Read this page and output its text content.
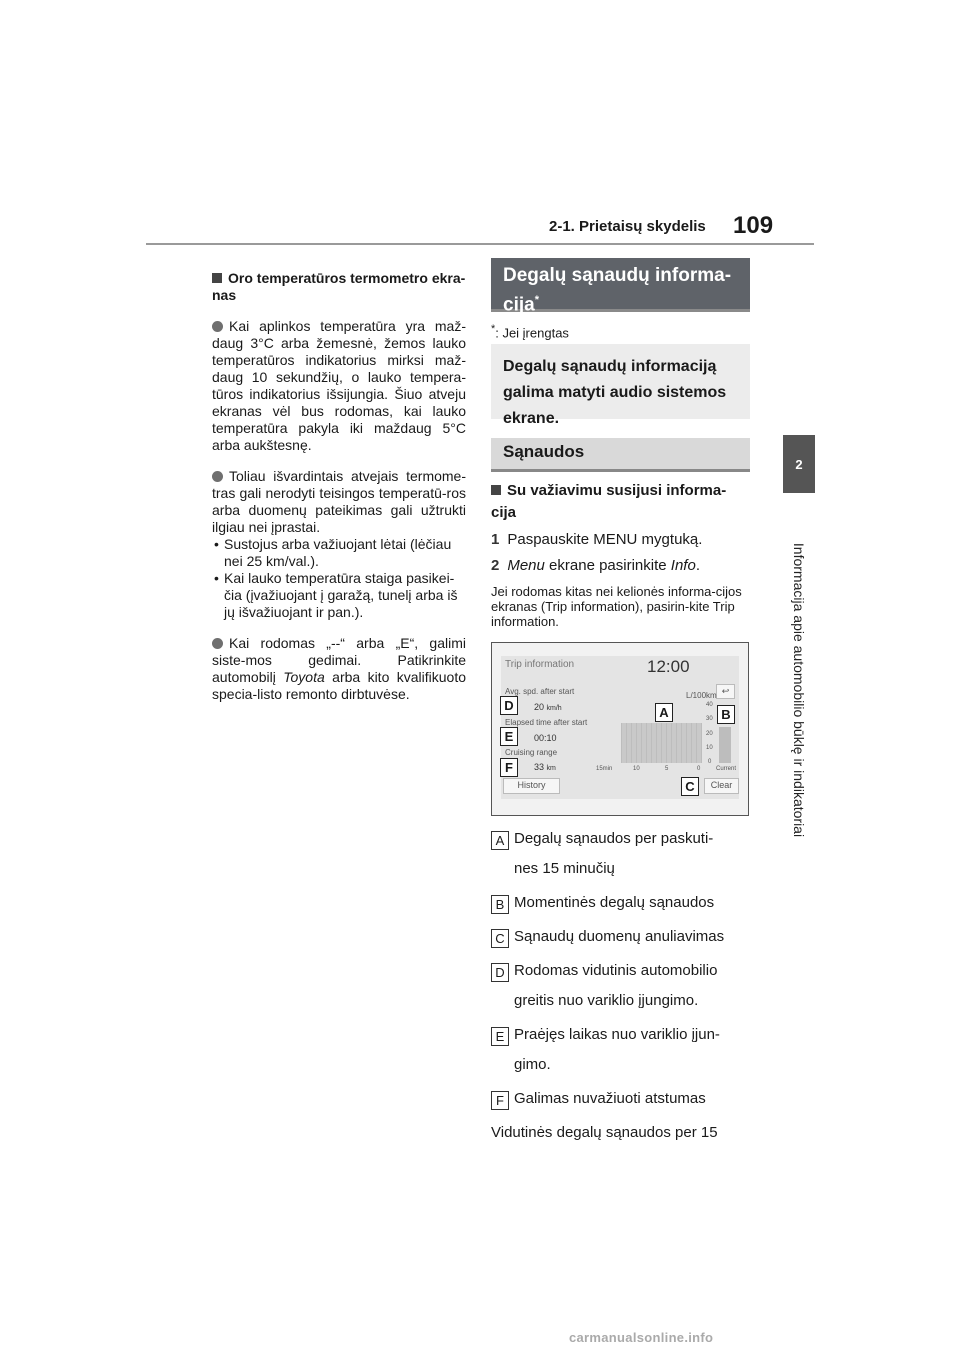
2-1. Prietaisų skydelis 109
2
Informacija apie automobilio būklę ir indikatoriai
Oro temperatūros termometro ekra-nas
Kai aplinkos temperatūra yra maž-daug 3°C arba žemesnė, žemos lauko temperatūros indikatorius mirksi maž-daug 10 sekundžių, o lauko tempera-tūros indikatorius išsijungia. Šiuo atveju ekranas vėl bus rodomas, kai lauko temperatūra pakyla iki maždaug 5°C arba aukštesnę.
Toliau išvardintais atvejais termome-tras gali nerodyti teisingos temperatū-ros arba duomenų pateikimas gali užtrukti ilgiau nei įprastai.
• Sustojus arba važiuojant lėtai (lėčiau nei 25 km/val.).
• Kai lauko temperatūra staiga pasikei-čia (įvažiuojant į garažą, tunelį arba iš jų išvažiuojant ir pan.).
Kai rodomas „--“ arba „E“, galimi siste-mos gedimai. Patikrinkite automobilį Toyota arba kito kvalifikuoto specia-listo remonto dirbtuvėse.
Degalų sąnaudų informa-cija*
*: Jei įrengtas
Degalų sąnaudų informaciją galima matyti audio sistemos ekrane.
Sąnaudos
Su važiavimu susijusi informa-cija
1 Paspauskite MENU mygtuką.
2 Menu ekrane pasirinkite Info.
Jei rodomas kitas nei kelionės informa-cijos ekranas (Trip information), pasirin-kite Trip information.
Trip information	12:00
↩
L/100km
Avg. spd. after start
20 km/h
Elapsed time after start
00:10
Cruising range
33 km
40
30
20
10
0
15min	10	5	0	Current
History	Clear
A	B
C
D
E
F
A Degalų sąnaudos per paskuti-
nes 15 minučių
B Momentinės degalų sąnaudos
C Sąnaudų duomenų anuliavimas
D Rodomas vidutinis automobilio
greitis nuo variklio įjungimo.
E Praėjęs laikas nuo variklio įjun-
gimo.
F Galimas nuvažiuoti atstumas
Vidutinės degalų sąnaudos per 15
carmanualsonline.info
